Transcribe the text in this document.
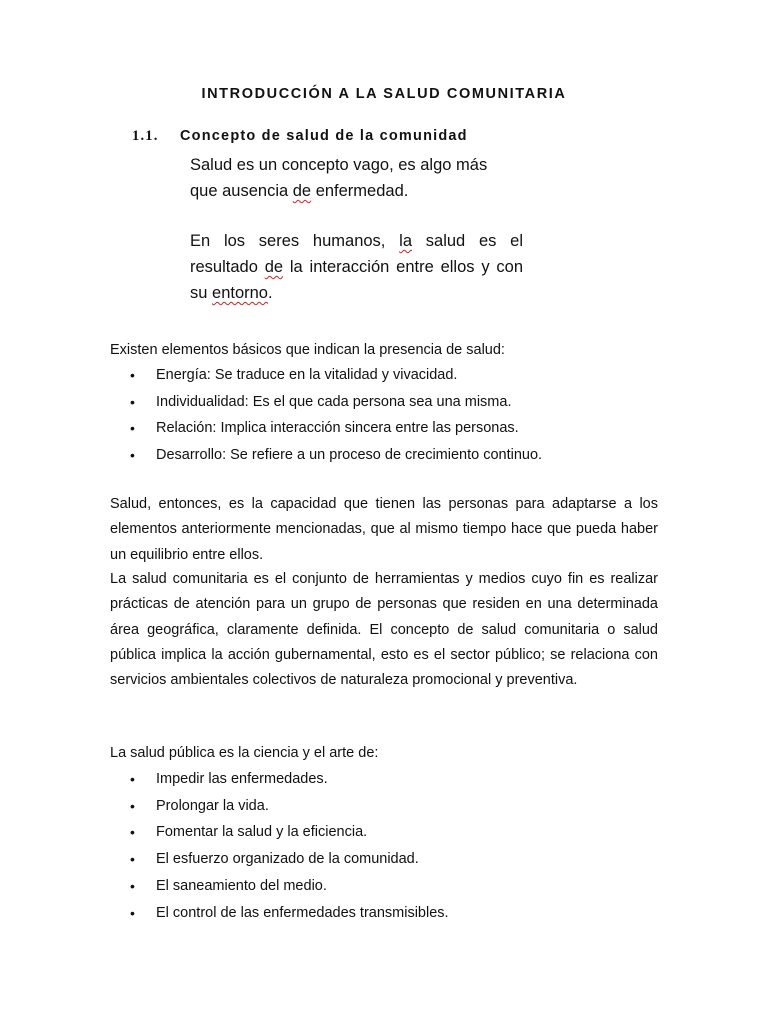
INTRODUCCIÓN A LA SALUD COMUNITARIA
1.1. Concepto de salud de la comunidad
Salud es un concepto vago, es algo más
que ausencia de enfermedad.
En los seres humanos, la salud es el resultado de la interacción entre ellos y con su entorno.
Existen elementos básicos que indican la presencia de salud:
• Energía: Se traduce en la vitalidad y vivacidad.
• Individualidad: Es el que cada persona sea una misma.
• Relación: Implica interacción sincera entre las personas.
• Desarrollo: Se refiere a un proceso de crecimiento continuo.
Salud, entonces, es la capacidad que tienen las personas para adaptarse a los elementos anteriormente mencionadas, que al mismo tiempo hace que pueda haber un equilibrio entre ellos.
La salud comunitaria es el conjunto de herramientas y medios cuyo fin es realizar prácticas de atención para un grupo de personas que residen en una determinada área geográfica, claramente definida. El concepto de salud comunitaria o salud pública implica la acción gubernamental, esto es el sector público; se relaciona con servicios ambientales colectivos de naturaleza promocional y preventiva.
La salud pública es la ciencia y el arte de:
• Impedir las enfermedades.
• Prolongar la vida.
• Fomentar la salud y la eficiencia.
• El esfuerzo organizado de la comunidad.
• El saneamiento del medio.
• El control de las enfermedades transmisibles.
